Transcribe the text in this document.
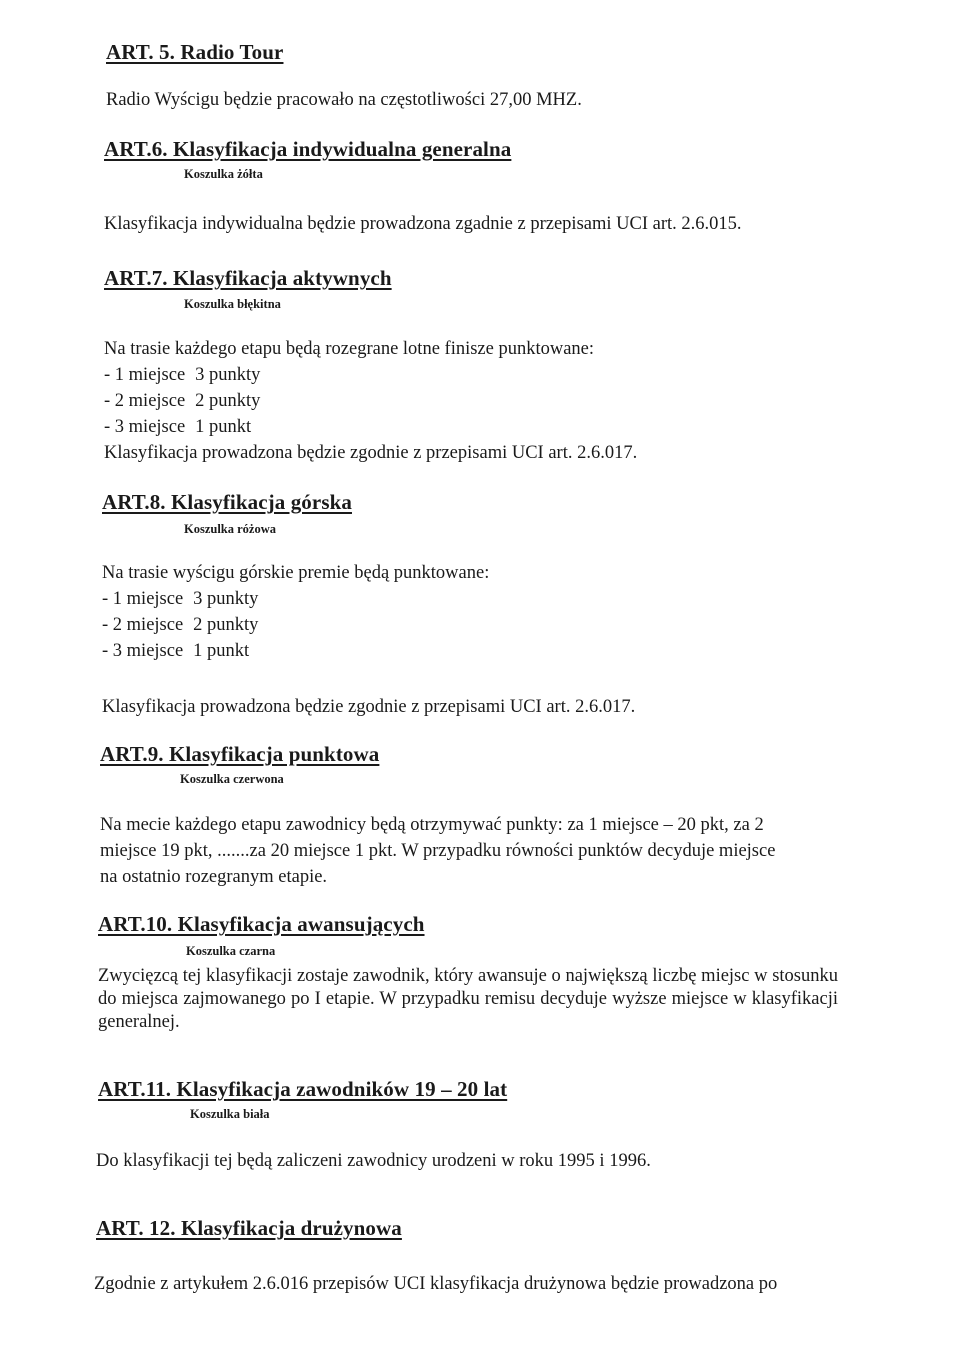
ART. 5. Radio Tour
Radio Wyścigu będzie pracowało na częstotliwości 27,00 MHZ.
ART.6. Klasyfikacja indywidualna generalna
Koszulka żółta
Klasyfikacja indywidualna będzie prowadzona zgadnie z przepisami UCI art. 2.6.015.
ART.7. Klasyfikacja aktywnych
Koszulka błękitna
Na trasie każdego etapu będą rozegrane lotne finisze punktowane:
- 1 miejsce 3 punkty
- 2 miejsce 2 punkty
- 3 miejsce 1 punkt
Klasyfikacja prowadzona będzie zgodnie z przepisami UCI art. 2.6.017.
ART.8. Klasyfikacja górska
Koszulka różowa
Na trasie wyścigu górskie premie będą punktowane:
- 1 miejsce 3 punkty
- 2 miejsce 2 punkty
- 3 miejsce 1 punkt
Klasyfikacja prowadzona będzie zgodnie z przepisami UCI art. 2.6.017.
ART.9. Klasyfikacja punktowa
Koszulka czerwona
Na mecie każdego etapu zawodnicy będą otrzymywać punkty: za 1 miejsce – 20 pkt, za 2
miejsce 19 pkt, .......za 20 miejsce 1 pkt. W przypadku równości punktów decyduje miejsce
na ostatnio rozegranym etapie.
ART.10. Klasyfikacja awansujących
Koszulka czarna
Zwycięzcą tej klasyfikacji zostaje zawodnik, który awansuje o największą liczbę miejsc w stosunku do miejsca zajmowanego po I etapie. W przypadku remisu decyduje wyższe miejsce w klasyfikacji generalnej.
ART.11. Klasyfikacja zawodników 19 – 20 lat
Koszulka biała
Do klasyfikacji tej będą zaliczeni zawodnicy urodzeni w roku 1995 i 1996.
ART. 12. Klasyfikacja drużynowa
Zgodnie z artykułem 2.6.016 przepisów UCI klasyfikacja drużynowa będzie prowadzona po
